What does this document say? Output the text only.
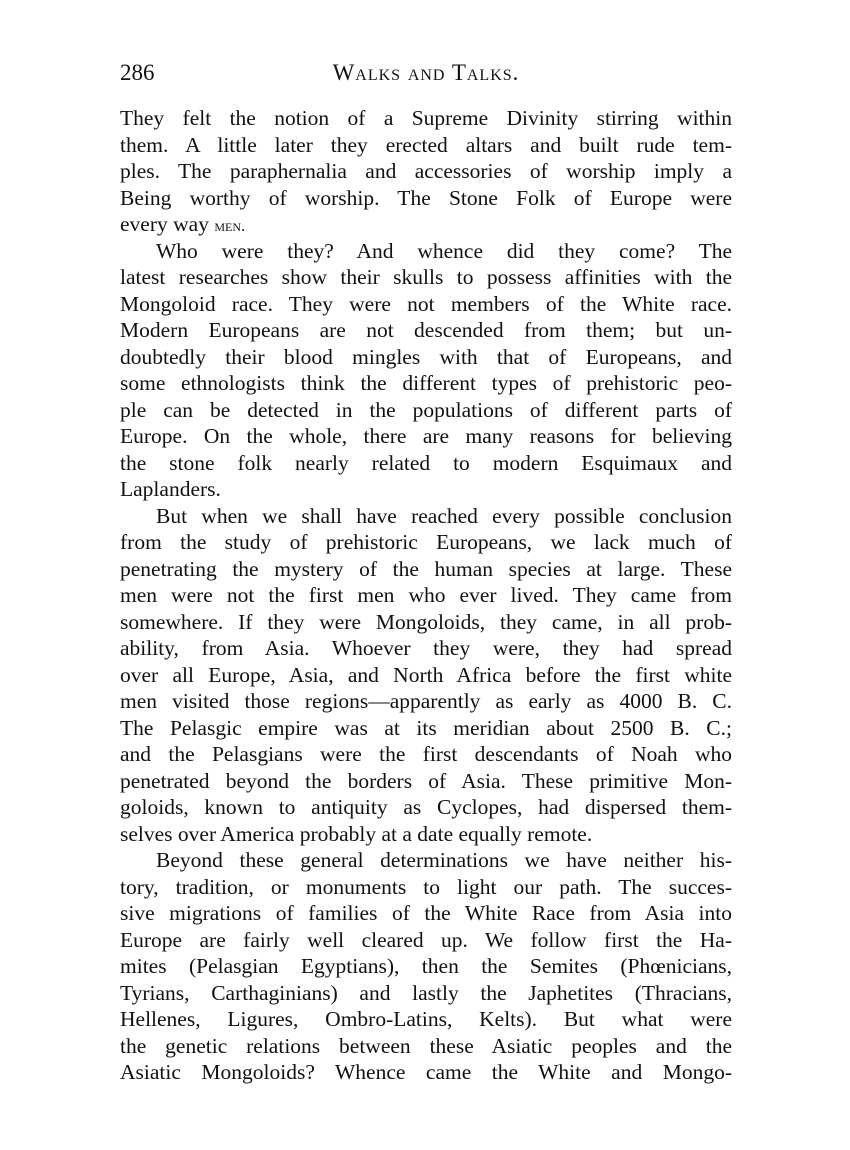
286	Walks and Talks.
They felt the notion of a Supreme Divinity stirring within
them. A little later they erected altars and built rude tem-
ples. The paraphernalia and accessories of worship imply a
Being worthy of worship. The Stone Folk of Europe were
every way men.
Who were they? And whence did they come? The
latest researches show their skulls to possess affinities with the
Mongoloid race. They were not members of the White race.
Modern Europeans are not descended from them; but un-
doubtedly their blood mingles with that of Europeans, and
some ethnologists think the different types of prehistoric peo-
ple can be detected in the populations of different parts of
Europe. On the whole, there are many reasons for believing
the stone folk nearly related to modern Esquimaux and
Laplanders.
But when we shall have reached every possible conclusion
from the study of prehistoric Europeans, we lack much of
penetrating the mystery of the human species at large. These
men were not the first men who ever lived. They came from
somewhere. If they were Mongoloids, they came, in all prob-
ability, from Asia. Whoever they were, they had spread
over all Europe, Asia, and North Africa before the first white
men visited those regions—apparently as early as 4000 B. C.
The Pelasgic empire was at its meridian about 2500 B. C.;
and the Pelasgians were the first descendants of Noah who
penetrated beyond the borders of Asia. These primitive Mon-
goloids, known to antiquity as Cyclopes, had dispersed them-
selves over America probably at a date equally remote.
Beyond these general determinations we have neither his-
tory, tradition, or monuments to light our path. The succes-
sive migrations of families of the White Race from Asia into
Europe are fairly well cleared up. We follow first the Ha-
mites (Pelasgian Egyptians), then the Semites (Phœnicians,
Tyrians, Carthaginians) and lastly the Japhetites (Thracians,
Hellenes, Ligures, Ombro-Latins, Kelts). But what were
the genetic relations between these Asiatic peoples and the
Asiatic Mongoloids? Whence came the White and Mongo-
